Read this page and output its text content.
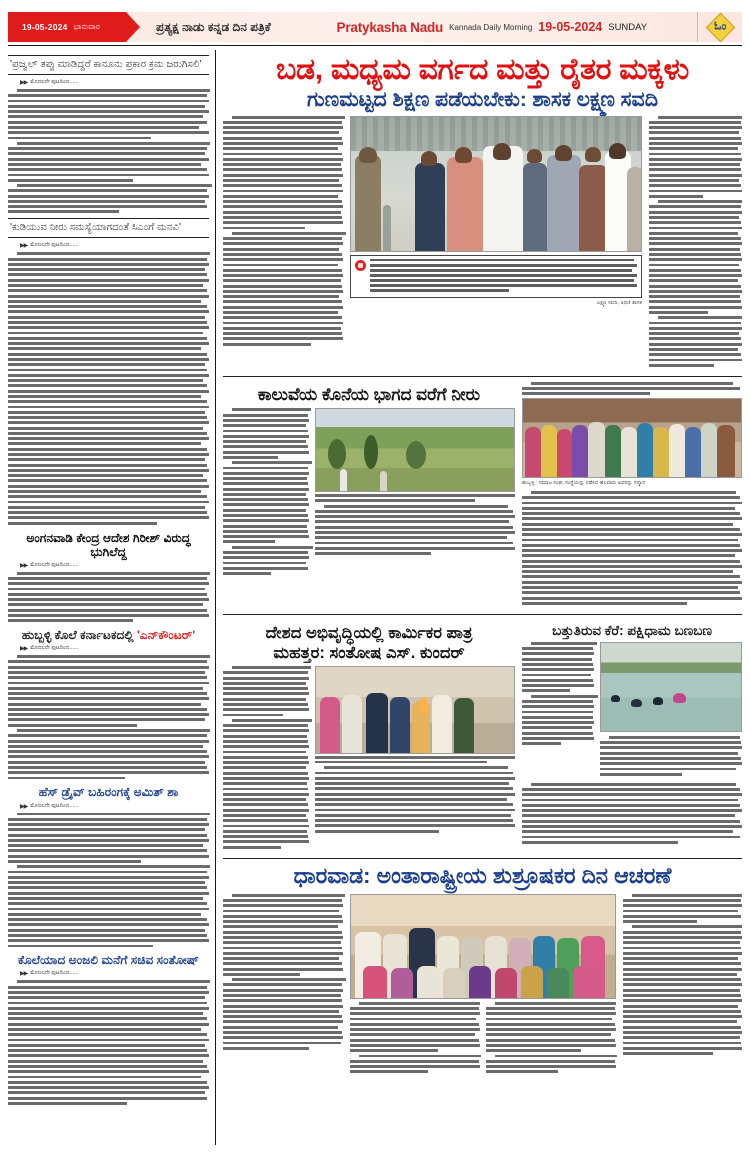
19-05-2024 ಭಾನುವಾರ	ಪ್ರತ್ಯಕ್ಷ ನಾಡು ಕನ್ನಡ ದಿನ ಪತ್ರಿಕೆ	Pratykasha Nadu Kannada Daily Morning 19-05-2024 SUNDAY	ಓಂ
'ಪ್ರಜ್ವಲ್ ತಪ್ಪು ಮಾಡಿದ್ದರೆ ಕಾನೂನು ಪ್ರಕಾರ ಕ್ರಮ ಜರುಗಿಸಲಿ'
▶▶ ಮೊದಲನೇ ಪುಟದಿಂದ......
'ಕುಡಿಯುವ ನೀರು ಸಮಸ್ಯೆಯಾಗದಂತೆ ಸಿಎಂಗೆ ಮನವಿ'
▶▶ ಮೊದಲನೇ ಪುಟದಿಂದ......
ಅಂಗನವಾಡಿ ಕೇಂದ್ರ ಆದೇಶ ಗಿರೀಶ್ ವಿರುದ್ಧ ಭುಗಿಲೆದ್ದ
▶▶ ಮೊದಲನೇ ಪುಟದಿಂದ......
ಹುಬ್ಬಳ್ಳಿ ಕೊಲೆ ಕರ್ನಾಟಕದಲ್ಲಿ 'ಎನ್‌ಕೌಂಟರ್'
▶▶ ಮೊದಲನೇ ಪುಟದಿಂದ......
ಹೆಸ್ ಡ್ರೈವ್ ಬಹಿರಂಗಕ್ಕೆ ಅಮಿತ್ ಶಾ
▶▶ ಮೊದಲನೇ ಪುಟದಿಂದ......
ಕೊಲೆಯಾದ ಅಂಜಲಿ ಮನೆಗೆ ಸಚಿವ ಸಂತೋಷ್
▶▶ ಮೊದಲನೇ ಪುಟದಿಂದ......
ಬಡ, ಮಧ್ಯಮ ವರ್ಗದ ಮತ್ತು ರೈತರ ಮಕ್ಕಳು
ಗುಣಮಟ್ಟದ ಶಿಕ್ಷಣ ಪಡೆಯಬೇಕು: ಶಾಸಕ ಲಕ್ಷ್ಮಣ ಸವದಿ
ಲಕ್ಷ್ಮಣ ಸವದಿ, ಅಥಣಿ ಶಾಸಕ
ಕಾಲುವೆಯ ಕೊನೆಯ ಭಾಗದ ವರೆಗೆ ನೀರು
ಹುಬ್ಬಳ್ಳಿ : ಸಮಾಜ ಸಂಘ, ಸಂಸ್ಥೆಯನ್ನು ನಡೆಸಿದ ಹಲವಾರು ಅವರನ್ನು ಸನ್ಮಾನ
ದೇಶದ ಅಭಿವೃದ್ಧಿಯಲ್ಲಿ ಕಾರ್ಮಿಕರ ಪಾತ್ರ
ಮಹತ್ತರ: ಸಂತೋಷ ಎಸ್. ಕುಂದರ್
ಬತ್ತುತಿರುವ ಕೆರೆ: ಪಕ್ಷಿಧಾಮ ಬಣಬಣ
ಧಾರವಾಡ: ಅಂತಾರಾಷ್ಟ್ರೀಯ ಶುಶ್ರೂಷಕರ ದಿನ ಆಚರಣೆ
